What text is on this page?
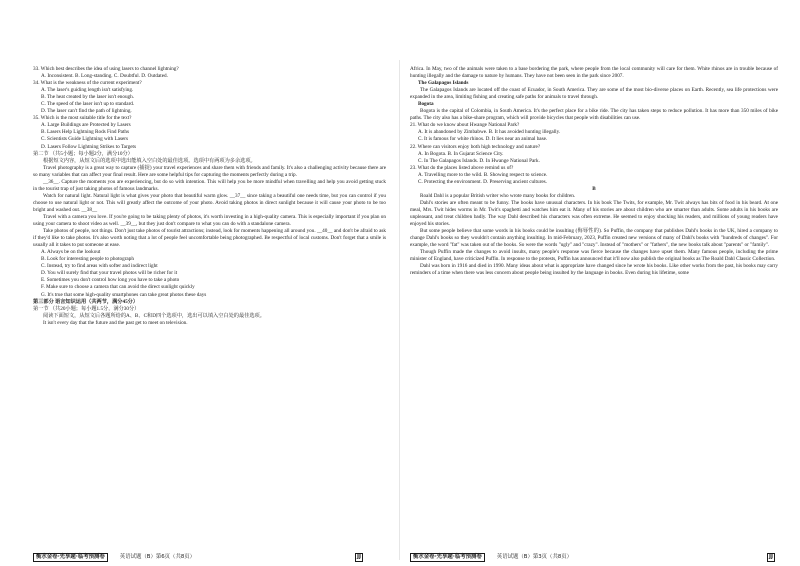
33. Which best describes the idea of using lasers to channel lightning?

A. Inconsistent. B. Long-standing. C. Doubtful. D. Outdated.

34. What is the weakness of the current experiment?

A. The laser's guiding length isn't satisfying.

B. The heat created by the laser isn't enough.

C. The speed of the laser isn't up to standard.

D. The laser can't find the path of lightning.

35. Which is the most suitable title for the text?

A. Large Buildings are Protected by Lasers

B. Lasers Help Lightning Rods Find Paths

C. Scientists Guide Lightning with Lasers

D. Lasers Follow Lightning Strikes to Targets

第二节 （共5小题；每小题2分，满分10分）

根据短文内容，从短文后的选项中选出能填入空白处的最佳选项。选项中有两项为多余选项。

Travel photography is a great way to capture (捕捉) your travel experiences and share them with friends and family. It's also a challenging activity because there are so many variables that can affect your final result. Here are some helpful tips for capturing the moments perfectly during a trip.

__36__. Capture the moments you are experiencing, but do so with intention. This will help you be more mindful when travelling and help you avoid getting stuck in the tourist trap of just taking photos of famous landmarks.

Watch for natural light. Natural light is what gives your photo that beautiful warm glow. __37__ since taking a beautiful one needs time, but you can control if you choose to use natural light or not. This will greatly affect the outcome of your photo. Avoid taking photos in direct sunlight because it will cause your photo to be too bright and washed out. __38__

Travel with a camera you love. If you're going to be taking plenty of photos, it's worth investing in a high-quality camera. This is especially important if you plan on using your camera to shoot video as well. __39__, but they just don't compare to what you can do with a standalone camera.

Take photos of people, not things. Don't just take photos of tourist attractions; instead, look for moments happening all around you. __40__ and don't be afraid to ask if they'd like to take photos. It's also worth noting that a lot of people feel uncomfortable being photographed. Be respectful of local customs. Don't forget that a smile is usually all it takes to put someone at ease.

A. Always be on the lookout

B. Look for interesting people to photograph

C. Instead, try to find areas with softer and indirect light

D. You will surely find that your travel photos will be richer for it

E. Sometimes you don't control how long you have to take a photo

F. Make sure to choose a camera that can avoid the direct sunlight quickly

G. It's true that some high-quality smartphones can take great photos these days

第三部分 语言知识运用（共两节，满分45分）

第一节 （共20小题；每小题1.5分，满分30分）

阅读下面短文，从短文后各题所给的A、B、C和D四个选项中，选出可以填入空白处的最佳选项。

It isn't every day that the future and the past get to meet on television.

Africa. In May, two of the animals were taken to a base bordering the park, where people from the local community will care for them. White rhinos are in trouble because of hunting illegally and the damage to nature by humans. They have not been seen in the park since 2007.

The Galapagos Islands

The Galapagos Islands are located off the coast of Ecuador, in South America. They are some of the most bio-diverse places on Earth. Recently, sea life protections were expanded in the area, limiting fishing and creating safe paths for animals to travel through.

Bogota

Bogota is the capital of Colombia, in South America. It's the perfect place for a bike ride. The city has taken steps to reduce pollution. It has more than 350 miles of bike paths. The city also has a bike-share program, which will provide bicycles that people with disabilities can use.

21. What do we know about Hwange National Park?

A. It is abandoned by Zimbabwe. B. It has avoided hunting illegally.

C. It is famous for white rhinos. D. It lies near an animal base.

22. Where can visitors enjoy both high technology and nature?

A. In Bogota. B. In Gujarat Science City.

C. In The Galapagos Islands. D. In Hwange National Park.

23. What do the places listed above remind us of?

A. Travelling more to the wild. B. Showing respect to science.

C. Protecting the environment. D. Preserving ancient cultures.

B

Roald Dahl is a popular British writer who wrote many books for children.

Dahl's stories are often meant to be funny. The books have unusual characters. In his book The Twits, for example, Mr. Twit always has bits of food in his beard. At one meal, Mrs. Twit hides worms in Mr. Twit's spaghetti and watches him eat it. Many of his stories are about children who are smarter than adults. Some adults in his books are unpleasant, and treat children badly. The way Dahl described his characters was often extreme. He seemed to enjoy shocking his readers, and millions of young readers have enjoyed his stories.

But some people believe that some words in his books could be insulting (侮辱性的). So Puffin, the company that publishes Dahl's books in the UK, hired a company to change Dahl's books so they wouldn't contain anything insulting. In mid-February, 2023, Puffin created new versions of many of Dahl's books with "hundreds of changes". For example, the word "fat" was taken out of the books. So were the words "ugly" and "crazy". Instead of "mothers" or "fathers", the new books talk about "parents" or "family".

Though Puffin made the changes to avoid insults, many people's response was fierce because the changes have upset them. Many famous people, including the prime minister of England, have criticized Puffin. In response to the protests, Puffin has announced that it'll now also publish the original books as The Roald Dahl Classic Collection.

Dahl was born in 1916 and died in 1990. Many ideas about what is appropriate have changed since he wrote his books. Like other works from the past, his books may carry reminders of a time when there was less concern about people being insulted by the language in books. Even during his lifetime, some

衡水金卷·先享题·临考预测卷	英语试题（B）第6页（共8页）	JJ	衡水金卷·先享题·临考预测卷	英语试题（B）第3页（共8页）	JJ
